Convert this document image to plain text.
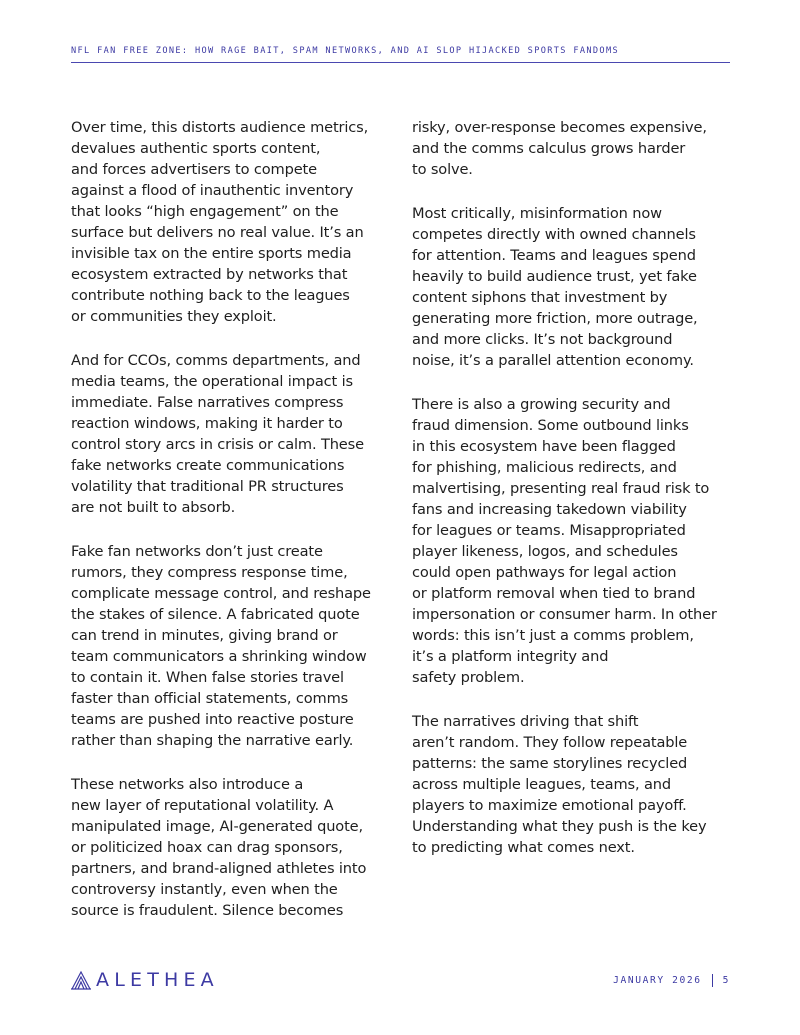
NFL FAN FREE ZONE: HOW RAGE BAIT, SPAM NETWORKS, AND AI SLOP HIJACKED SPORTS FANDOMS

Over time, this distorts audience metrics,
devalues authentic sports content,
and forces advertisers to compete
against a flood of inauthentic inventory
that looks “high engagement” on the
surface but delivers no real value. It’s an
invisible tax on the entire sports media
ecosystem extracted by networks that
contribute nothing back to the leagues
or communities they exploit.

And for CCOs, comms departments, and
media teams, the operational impact is
immediate. False narratives compress
reaction windows, making it harder to
control story arcs in crisis or calm. These
fake networks create communications
volatility that traditional PR structures
are not built to absorb.

Fake fan networks don’t just create
rumors, they compress response time,
complicate message control, and reshape
the stakes of silence. A fabricated quote
can trend in minutes, giving brand or
team communicators a shrinking window
to contain it. When false stories travel
faster than official statements, comms
teams are pushed into reactive posture
rather than shaping the narrative early.

These networks also introduce a
new layer of reputational volatility. A
manipulated image, AI-generated quote,
or politicized hoax can drag sponsors,
partners, and brand-aligned athletes into
controversy instantly, even when the
source is fraudulent. Silence becomes

risky, over-response becomes expensive,
and the comms calculus grows harder
to solve.

Most critically, misinformation now
competes directly with owned channels
for attention. Teams and leagues spend
heavily to build audience trust, yet fake
content siphons that investment by
generating more friction, more outrage,
and more clicks. It’s not background
noise, it’s a parallel attention economy.

There is also a growing security and
fraud dimension. Some outbound links
in this ecosystem have been flagged
for phishing, malicious redirects, and
malvertising, presenting real fraud risk to
fans and increasing takedown viability
for leagues or teams. Misappropriated
player likeness, logos, and schedules
could open pathways for legal action
or platform removal when tied to brand
impersonation or consumer harm. In other
words: this isn’t just a comms problem,
it’s a platform integrity and
safety problem.

The narratives driving that shift
aren’t random. They follow repeatable
patterns: the same storylines recycled
across multiple leagues, teams, and
players to maximize emotional payoff.
Understanding what they push is the key
to predicting what comes next.

ALETHEA	JANUARY 2026 5
